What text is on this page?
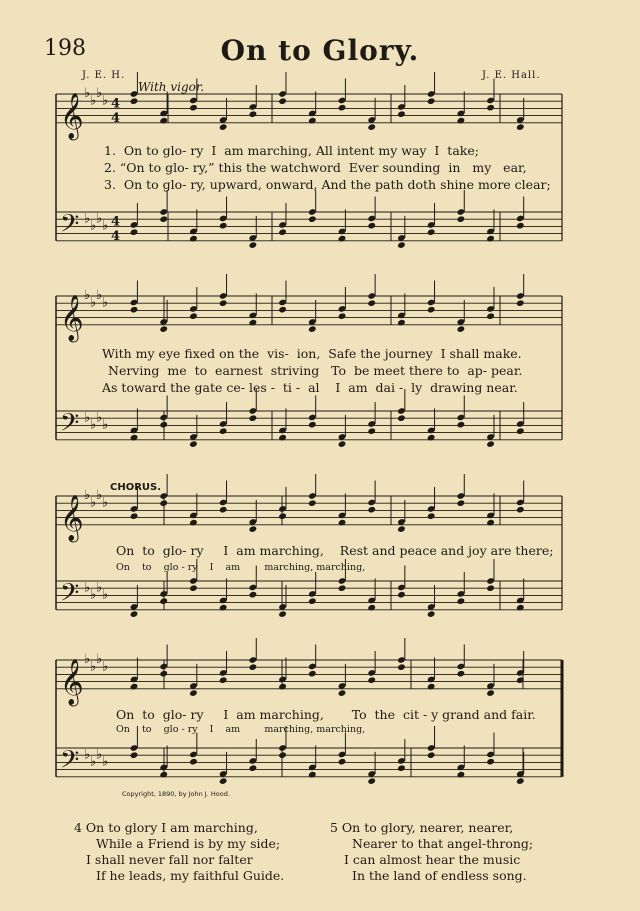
198	On to Glory.
J. E. H.	J. E. Hall.
With vigor.
𝄞 ♭ ♭ ♭ ♭ 4
4
𝄢 ♭ ♭ ♭ ♭ 4
4
𝄞 ♭ ♭ ♭ ♭
𝄢 ♭ ♭ ♭ ♭
𝄞 ♭ ♭ ♭ ♭
𝄢 ♭ ♭ ♭ ♭
𝄞 ♭ ♭ ♭ ♭
𝄢 ♭ ♭ ♭ ♭
1.  On to glo- ry  I  am marching, All intent my way  I  take;
2. “On to glo- ry,” this the watchword  Ever sounding  in   my   ear,
3.  On to glo- ry, upward, onward, And the path doth shine more clear;
With my eye fixed on the  vis-  ion,  Safe the journey  I shall make.
Nerving  me  to  earnest  striving   To  be meet there to  ap- pear.
As toward the gate ce- les -  ti -  al    I  am  dai -  ly  drawing near.
CHORUS.
On  to  glo- ry     I  am marching,    Rest and peace and joy are there;
On    to    glo - ry    I    am        marching, marching,
On  to  glo- ry     I  am marching,       To  the  cit - y grand and fair.
On    to    glo - ry    I    am        marching, marching,
Copyright, 1890, by John J. Hood.
4 On to glory I am marching,
While a Friend is by my side;
I shall never fall nor falter
If he leads, my faithful Guide.
5 On to glory, nearer, nearer,
Nearer to that angel-throng;
I can almost hear the music
In the land of endless song.
